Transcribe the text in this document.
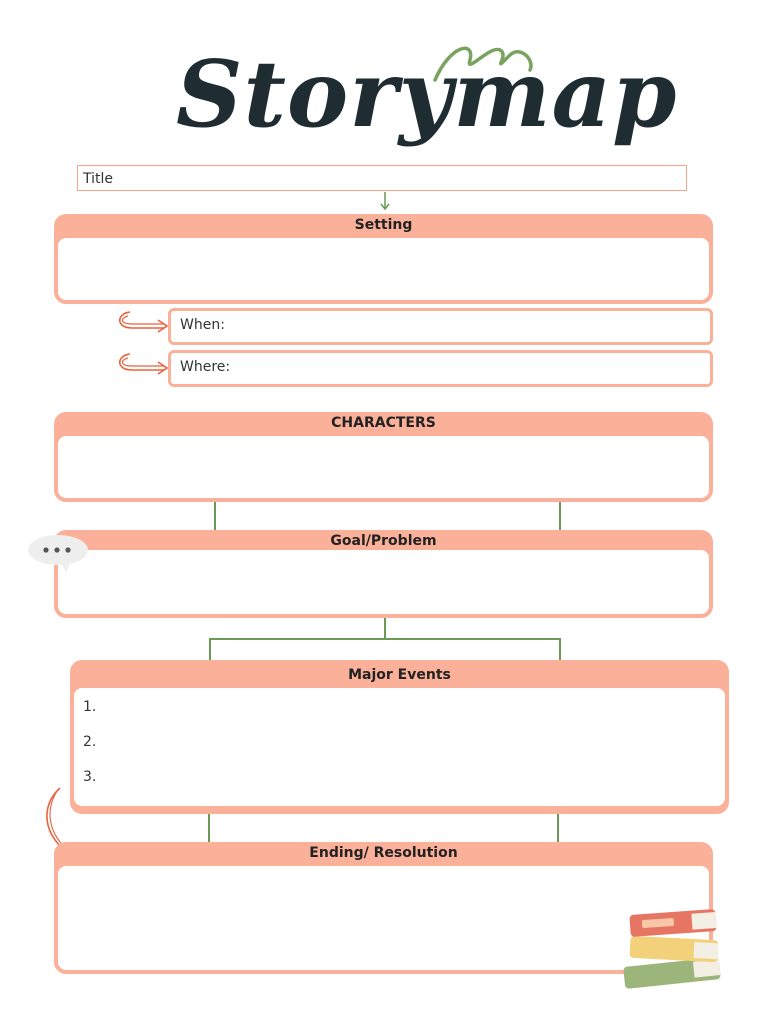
Storymap
Title
Setting
When:
Where:
CHARACTERS
Goal/Problem
Major Events
1.
2.
3.
Ending/ Resolution
